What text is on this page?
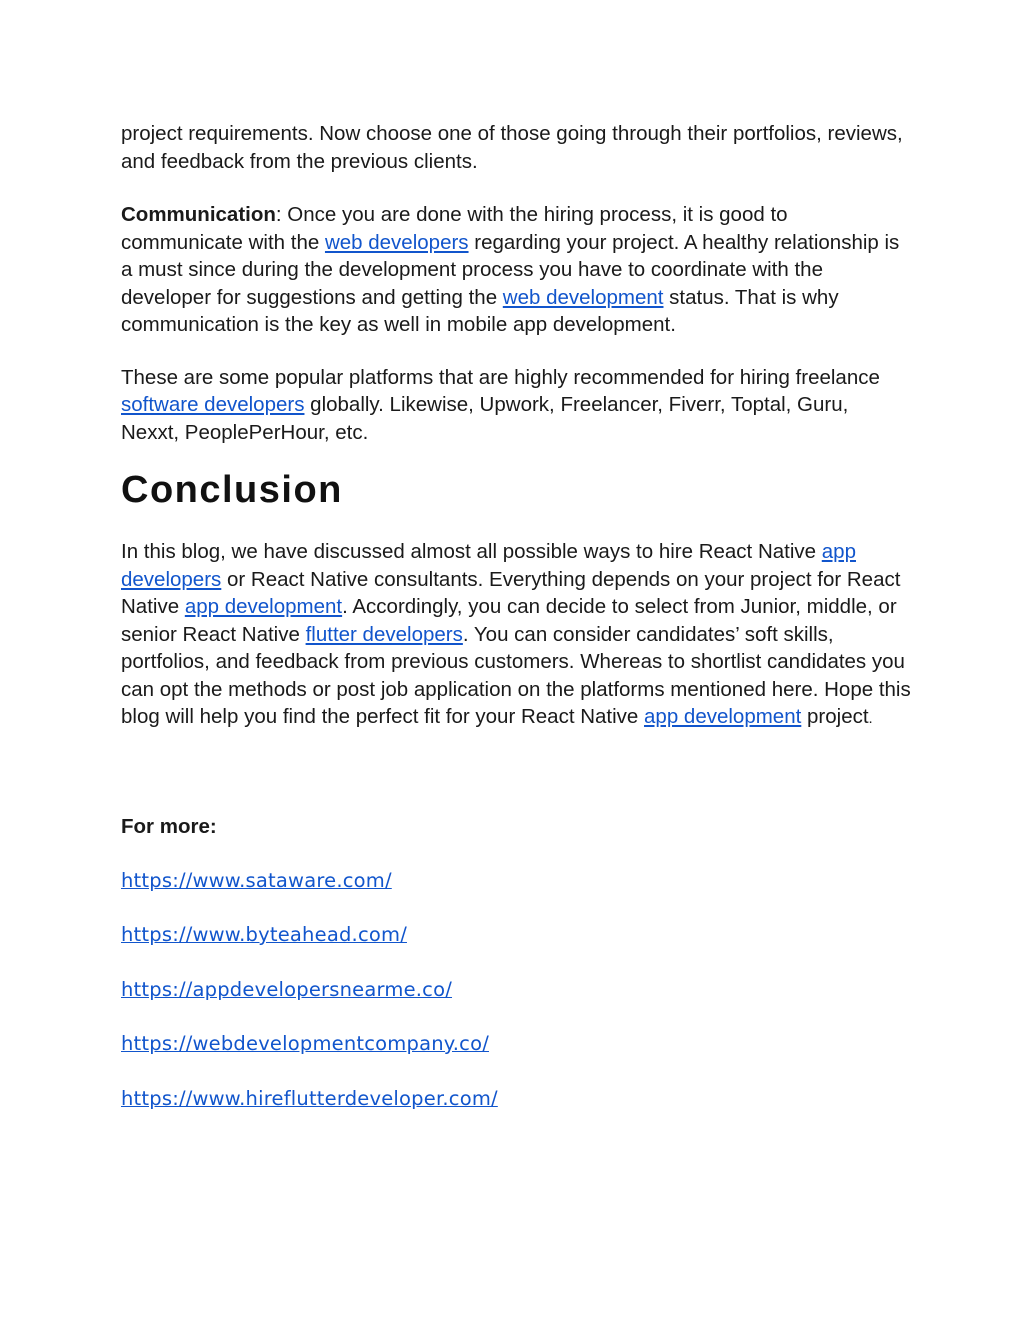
project requirements. Now choose one of those going through their portfolios, reviews, and feedback from the previous clients.

Communication: Once you are done with the hiring process, it is good to communicate with the web developers regarding your project. A healthy relationship is a must since during the development process you have to coordinate with the developer for suggestions and getting the web development status. That is why communication is the key as well in mobile app development.

These are some popular platforms that are highly recommended for hiring freelance software developers globally. Likewise, Upwork, Freelancer, Fiverr, Toptal, Guru, Nexxt, PeoplePerHour, etc.

Conclusion

In this blog, we have discussed almost all possible ways to hire React Native app developers or React Native consultants. Everything depends on your project for React Native app development. Accordingly, you can decide to select from Junior, middle, or senior React Native flutter developers. You can consider candidates’ soft skills, portfolios, and feedback from previous customers. Whereas to shortlist candidates you can opt the methods or post job application on the platforms mentioned here. Hope this blog will help you find the perfect fit for your React Native app development project.

For more:
https://www.sataware.com/
https://www.byteahead.com/
https://appdevelopersnearme.co/
https://webdevelopmentcompany.co/
https://www.hireflutterdeveloper.com/
